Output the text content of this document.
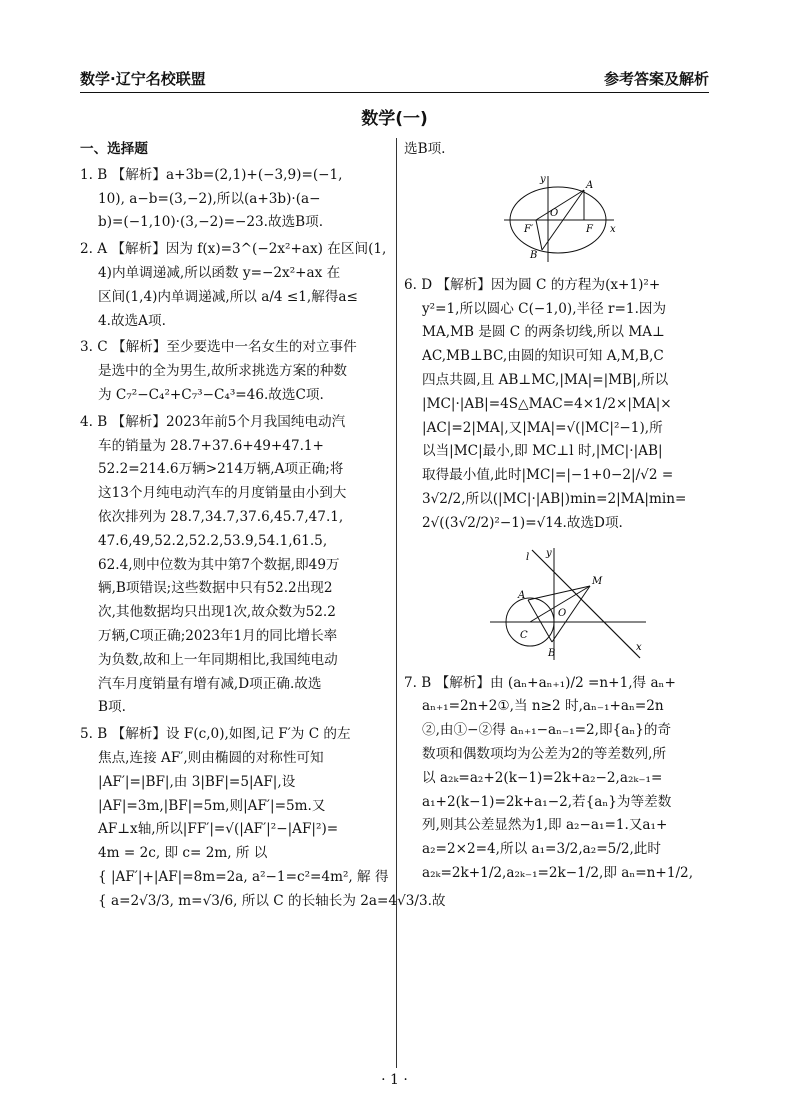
数学·辽宁名校联盟	参考答案及解析
数学(一)
一、选择题
1. B 【解析】a+3b=(2,1)+(−3,9)=(−1,
10), a−b=(3,−2),所以(a+3b)·(a−
b)=(−1,10)·(3,−2)=−23.故选B项.
2. A 【解析】因为 f(x)=3^(−2x²+ax) 在区间(1,
4)内单调递减,所以函数 y=−2x²+ax 在
区间(1,4)内单调递减,所以 a/4 ≤1,解得a≤
4.故选A项.
3. C 【解析】至少要选中一名女生的对立事件
是选中的全为男生,故所求挑选方案的种数
为 C₇²−C₄²+C₇³−C₄³=46.故选C项.
4. B 【解析】2023年前5个月我国纯电动汽
车的销量为 28.7+37.6+49+47.1+
52.2=214.6万辆>214万辆,A项正确;将
这13个月纯电动汽车的月度销量由小到大
依次排列为 28.7,34.7,37.6,45.7,47.1,
47.6,49,52.2,52.2,53.9,54.1,61.5,
62.4,则中位数为其中第7个数据,即49万
辆,B项错误;这些数据中只有52.2出现2
次,其他数据均只出现1次,故众数为52.2
万辆,C项正确;2023年1月的同比增长率
为负数,故和上一年同期相比,我国纯电动
汽车月度销量有增有减,D项正确.故选
B项.
5. B 【解析】设 F(c,0),如图,记 F′为 C 的左
焦点,连接 AF′,则由椭圆的对称性可知
|AF′|=|BF|,由 3|BF|=5|AF|,设
|AF|=3m,|BF|=5m,则|AF′|=5m.又
AF⊥x轴,所以|FF′|=√(|AF′|²−|AF|²)=
4m = 2c, 即 c= 2m, 所 以
{ |AF′|+|AF|=8m=2a, a²−1=c²=4m², 解 得
{ a=2√3/3, m=√3/6, 所以 C 的长轴长为 2a=4√3/3.故
选B项.
y
x
A
O
F′	F
B
6. D 【解析】因为圆 C 的方程为(x+1)²+
y²=1,所以圆心 C(−1,0),半径 r=1.因为
MA,MB 是圆 C 的两条切线,所以 MA⊥
AC,MB⊥BC,由圆的知识可知 A,M,B,C
四点共圆,且 AB⊥MC,|MA|=|MB|,所以
|MC|·|AB|=4S△MAC=4×1/2×|MA|×
|AC|=2|MA|,又|MA|=√(|MC|²−1),所
以当|MC|最小,即 MC⊥l 时,|MC|·|AB|
取得最小值,此时|MC|=|−1+0−2|/√2 =
3√2/2,所以(|MC|·|AB|)min=2|MA|min=
2√((3√2/2)²−1)=√14.故选D项.
l y
x
A
M
O
C
B
7. B 【解析】由 (aₙ+aₙ₊₁)/2 =n+1,得 aₙ+
aₙ₊₁=2n+2①,当 n≥2 时,aₙ₋₁+aₙ=2n
②,由①−②得 aₙ₊₁−aₙ₋₁=2,即{aₙ}的奇
数项和偶数项均为公差为2的等差数列,所
以 a₂ₖ=a₂+2(k−1)=2k+a₂−2,a₂ₖ₋₁=
a₁+2(k−1)=2k+a₁−2,若{aₙ}为等差数
列,则其公差显然为1,即 a₂−a₁=1.又a₁+
a₂=2×2=4,所以 a₁=3/2,a₂=5/2,此时
a₂ₖ=2k+1/2,a₂ₖ₋₁=2k−1/2,即 aₙ=n+1/2,
· 1 ·
